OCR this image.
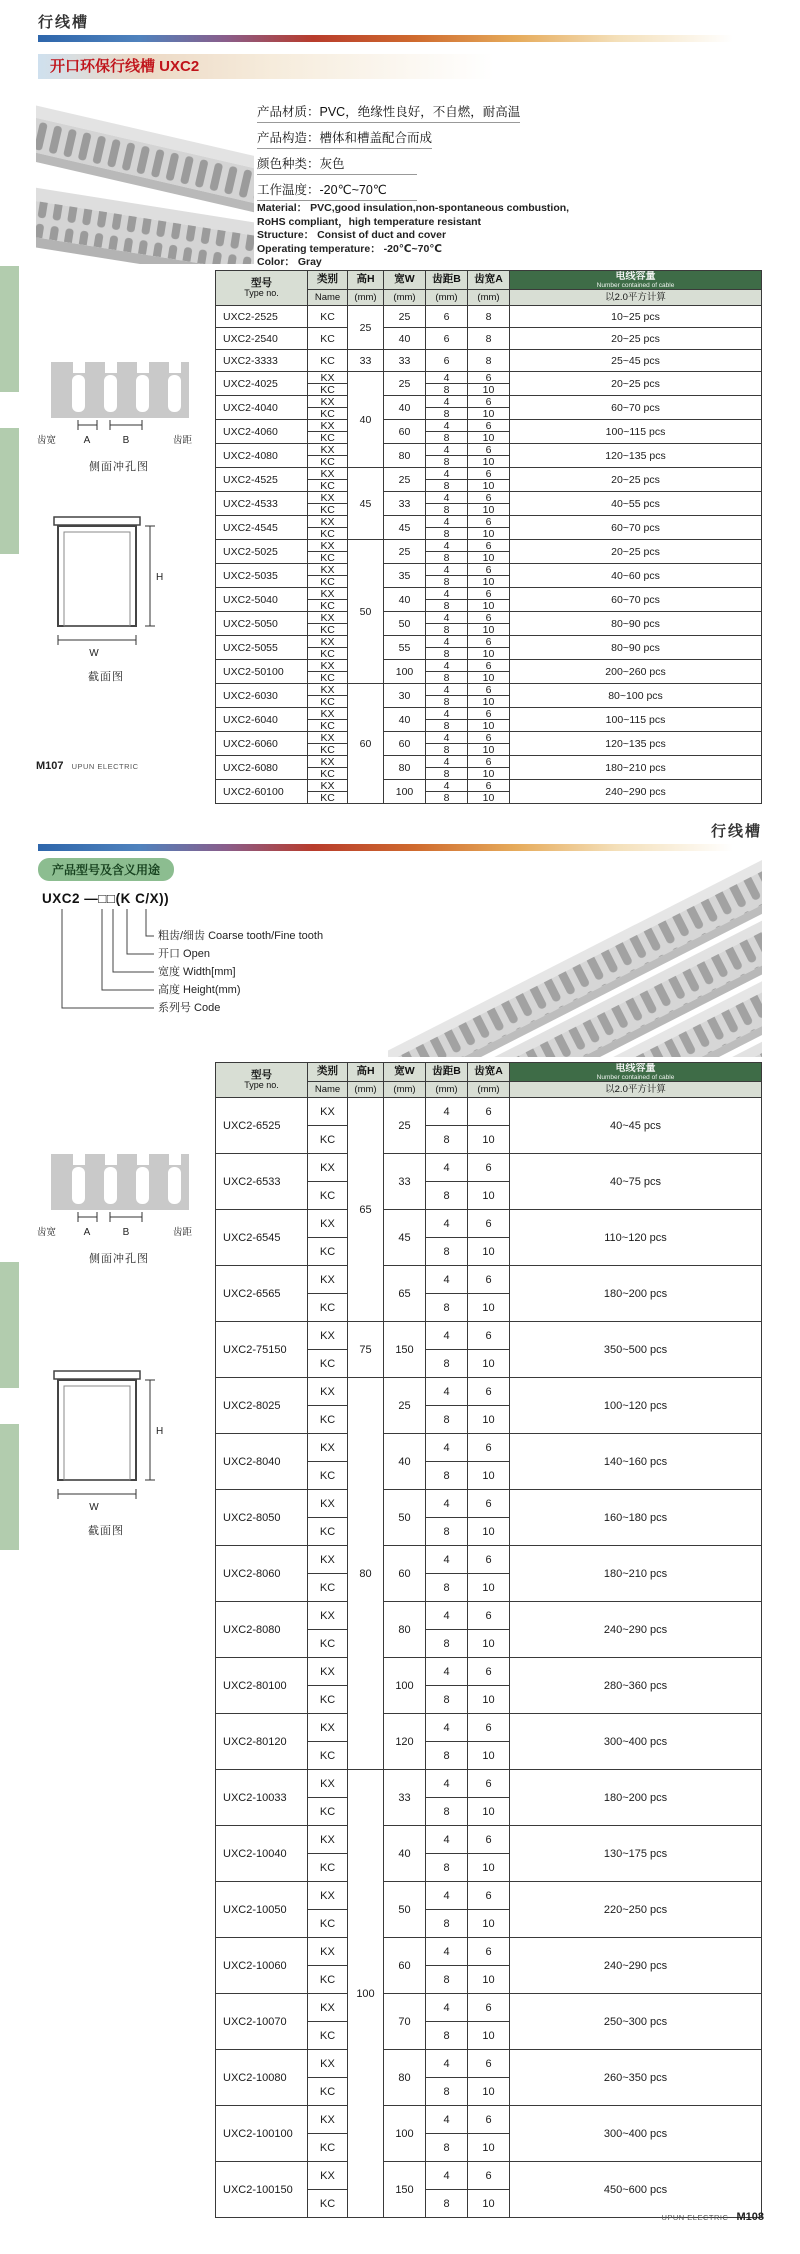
行线槽
开口环保行线槽 UXC2
产品材质：PVC，绝缘性良好，不自燃，耐高温
产品构造：槽体和槽盖配合而成
颜色种类：灰色
工作温度：-20℃~70℃
Material： PVC,good insulation,non-spontaneous combustion,
RoHS compliant，high temperature resistant
Structure： Consist of duct and cover
Operating temperature： -20℃~70℃
Color： Gray
A	B
齿宽	齿距
侧面冲孔图
H
W
截面图
型号
Type no.	类别	高H	宽W	齿距B	齿宽A	电线容量
Number contained of cable

	Name	(mm)	(mm)	(mm)	(mm)	以2.0平方计算
UXC2-2525	KC	25	25	6	8	10~25 pcs
UXC2-2540	KC		40	6	8	20~25 pcs
UXC2-3333	KC	33	33	6	8	25~45 pcs
UXC2-4025	KX	40	25	4	6	20~25 pcs
	KC			8	10	
UXC2-4040	KX		40	4	6	60~70 pcs
	KC			8	10	
UXC2-4060	KX		60	4	6	100~115 pcs
	KC			8	10	
UXC2-4080	KX		80	4	6	120~135 pcs
	KC			8	10	
UXC2-4525	KX	45	25	4	6	20~25 pcs
	KC			8	10	
UXC2-4533	KX		33	4	6	40~55 pcs
	KC			8	10	
UXC2-4545	KX		45	4	6	60~70 pcs
	KC			8	10	
UXC2-5025	KX	50	25	4	6	20~25 pcs
	KC			8	10	
UXC2-5035	KX		35	4	6	40~60 pcs
	KC			8	10	
UXC2-5040	KX		40	4	6	60~70 pcs
	KC			8	10	
UXC2-5050	KX		50	4	6	80~90 pcs
	KC			8	10	
UXC2-5055	KX		55	4	6	80~90 pcs
	KC			8	10	
UXC2-50100	KX		100	4	6	200~260 pcs
	KC			8	10	
UXC2-6030	KX	60	30	4	6	80~100 pcs
	KC			8	10	
UXC2-6040	KX		40	4	6	100~115 pcs
	KC			8	10	
UXC2-6060	KX		60	4	6	120~135 pcs
	KC			8	10	
UXC2-6080	KX		80	4	6	180~210 pcs
	KC			8	10	
UXC2-60100	KX		100	4	6	240~290 pcs
	KC			8	10	
M107 UPUN ELECTRIC
行线槽
产品型号及含义用途
UXC2 —□□(K C/X))
粗齿/细齿 Coarse tooth/Fine tooth
开口 Open
宽度 Width[mm]
高度 Height(mm)
系列号 Code
A	B
齿宽	齿距
侧面冲孔图
H
W
截面图
型号
Type no.	类别	高H	宽W	齿距B	齿宽A	电线容量
Number contained of cable

	Name	(mm)	(mm)	(mm)	(mm)	以2.0平方计算
UXC2-6525	KX	65	25	4	6	40~45 pcs
	KC			8	10	
UXC2-6533	KX		33	4	6	40~75 pcs
	KC			8	10	
UXC2-6545	KX		45	4	6	110~120 pcs
	KC			8	10	
UXC2-6565	KX		65	4	6	180~200 pcs
	KC			8	10	
UXC2-75150	KX	75	150	4	6	350~500 pcs
	KC			8	10	
UXC2-8025	KX	80	25	4	6	100~120 pcs
	KC			8	10	
UXC2-8040	KX		40	4	6	140~160 pcs
	KC			8	10	
UXC2-8050	KX		50	4	6	160~180 pcs
	KC			8	10	
UXC2-8060	KX		60	4	6	180~210 pcs
	KC			8	10	
UXC2-8080	KX		80	4	6	240~290 pcs
	KC			8	10	
UXC2-80100	KX		100	4	6	280~360 pcs
	KC			8	10	
UXC2-80120	KX		120	4	6	300~400 pcs
	KC			8	10	
UXC2-10033	KX	100	33	4	6	180~200 pcs
	KC			8	10	
UXC2-10040	KX		40	4	6	130~175 pcs
	KC			8	10	
UXC2-10050	KX		50	4	6	220~250 pcs
	KC			8	10	
UXC2-10060	KX		60	4	6	240~290 pcs
	KC			8	10	
UXC2-10070	KX		70	4	6	250~300 pcs
	KC			8	10	
UXC2-10080	KX		80	4	6	260~350 pcs
	KC			8	10	
UXC2-100100	KX		100	4	6	300~400 pcs
	KC			8	10	
UXC2-100150	KX		150	4	6	450~600 pcs
	KC			8	10	
UPUN ELECTRIC M108
